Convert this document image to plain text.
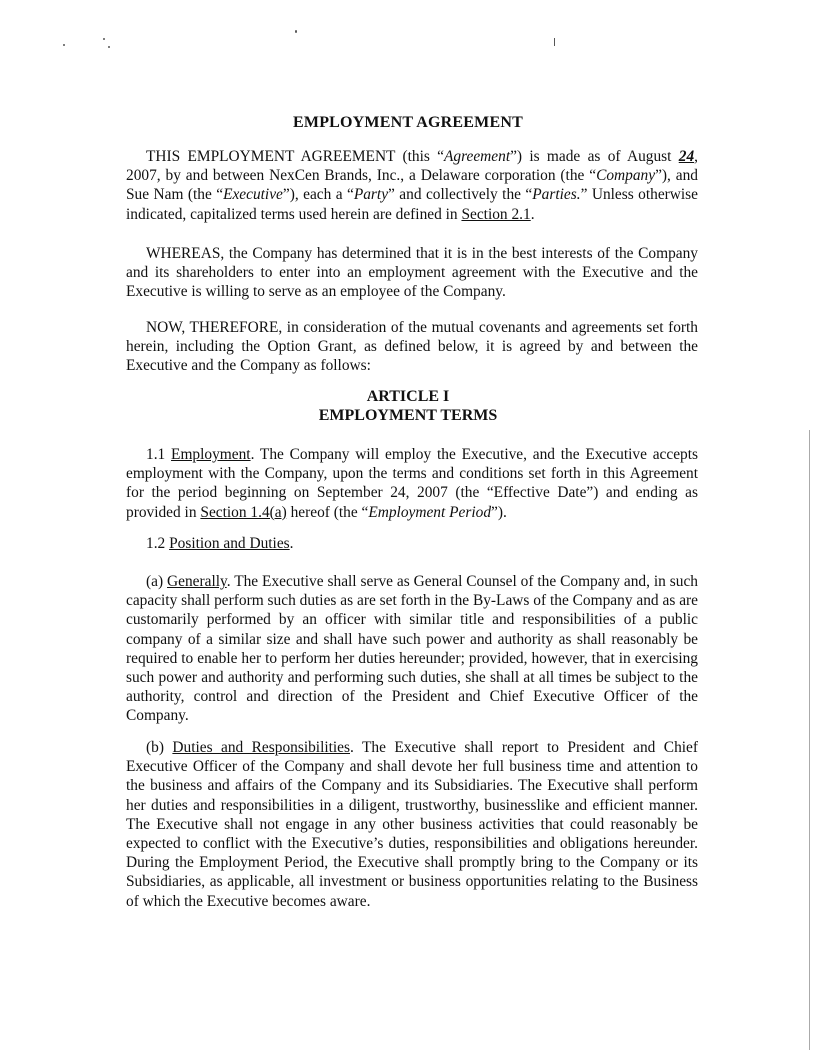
EMPLOYMENT AGREEMENT
THIS EMPLOYMENT AGREEMENT (this “Agreement”) is made as of August 24, 2007, by and between NexCen Brands, Inc., a Delaware corporation (the “Company”), and Sue Nam (the “Executive”), each a “Party” and collectively the “Parties.” Unless otherwise indicated, capitalized terms used herein are defined in Section 2.1.
WHEREAS, the Company has determined that it is in the best interests of the Company and its shareholders to enter into an employment agreement with the Executive and the Executive is willing to serve as an employee of the Company.
NOW, THEREFORE, in consideration of the mutual covenants and agreements set forth herein, including the Option Grant, as defined below, it is agreed by and between the Executive and the Company as follows:
ARTICLE I
EMPLOYMENT TERMS
1.1 Employment. The Company will employ the Executive, and the Executive accepts employment with the Company, upon the terms and conditions set forth in this Agreement for the period beginning on September 24, 2007 (the “Effective Date”) and ending as provided in Section 1.4(a) hereof (the “Employment Period”).
1.2 Position and Duties.
(a) Generally. The Executive shall serve as General Counsel of the Company and, in such capacity shall perform such duties as are set forth in the By-Laws of the Company and as are customarily performed by an officer with similar title and responsibilities of a public company of a similar size and shall have such power and authority as shall reasonably be required to enable her to perform her duties hereunder; provided, however, that in exercising such power and authority and performing such duties, she shall at all times be subject to the authority, control and direction of the President and Chief Executive Officer of the Company.
(b) Duties and Responsibilities. The Executive shall report to President and Chief Executive Officer of the Company and shall devote her full business time and attention to the business and affairs of the Company and its Subsidiaries. The Executive shall perform her duties and responsibilities in a diligent, trustworthy, businesslike and efficient manner. The Executive shall not engage in any other business activities that could reasonably be expected to conflict with the Executive’s duties, responsibilities and obligations hereunder. During the Employment Period, the Executive shall promptly bring to the Company or its Subsidiaries, as applicable, all investment or business opportunities relating to the Business of which the Executive becomes aware.
